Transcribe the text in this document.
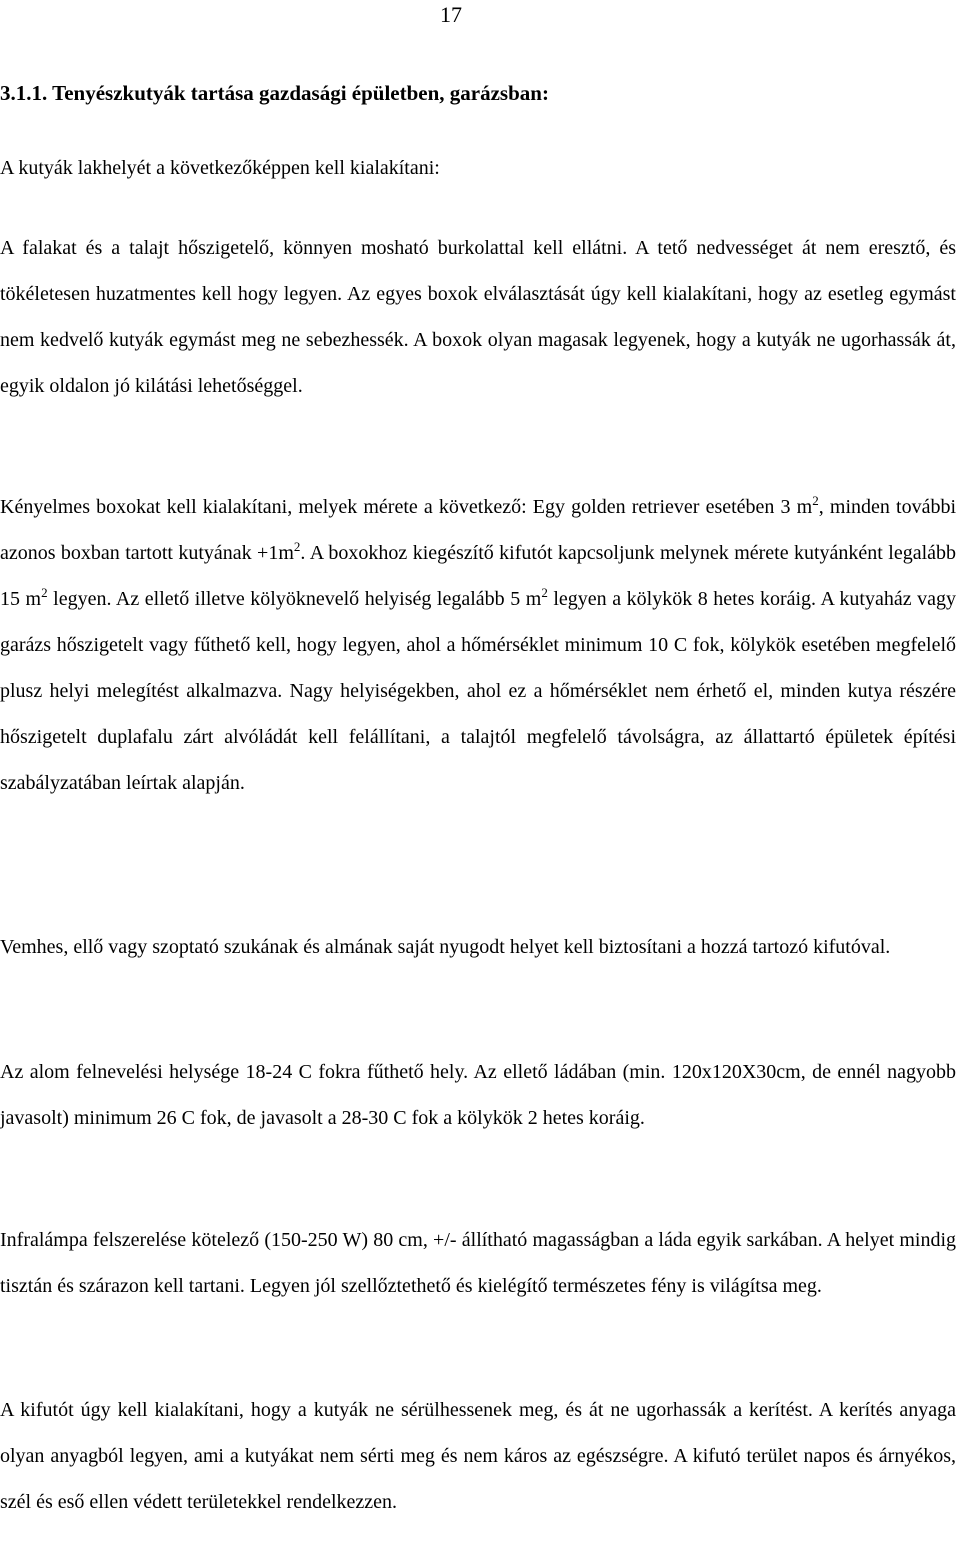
17
3.1.1. Tenyészkutyák tartása gazdasági épületben, garázsban:

A kutyák lakhelyét a következőképpen kell kialakítani:

A falakat és a talajt hőszigetelő, könnyen mosható burkolattal kell ellátni. A tető nedvességet át nem eresztő, és tökéletesen huzatmentes kell hogy legyen. Az egyes boxok elválasztását úgy kell kialakítani, hogy az esetleg egymást nem kedvelő kutyák egymást meg ne sebezhessék. A boxok olyan magasak legyenek, hogy a kutyák ne ugorhassák át, egyik oldalon jó kilátási lehetőséggel.

Kényelmes boxokat kell kialakítani, melyek mérete a következő: Egy golden retriever esetében 3 $m^2$, minden további azonos boxban tartott kutyának $+1m^2$. A boxokhoz kiegészítő kifutót kapcsoljunk melynek mérete kutyánként legalább 15 $m^2$ legyen. Az ellető illetve kölyöknevelő helyiség legalább 5 $m^2$ legyen a kölykök 8 hetes koráig. A kutyaház vagy garázs hőszigetelt vagy fűthető kell, hogy legyen, ahol a hőmérséklet minimum 10 C fok, kölykök esetében megfelelő plusz helyi melegítést alkalmazva. Nagy helyiségekben, ahol ez a hőmérséklet nem érhető el, minden kutya részére hőszigetelt duplafalu zárt alvóládát kell felállítani, a talajtól megfelelő távolságra, az állattartó épületek építési szabályzatában leírtak alapján.

Vemhes, ellő vagy szoptató szukának és almának saját nyugodt helyet kell biztosítani a hozzá tartozó kifutóval.

Az alom felnevelési helysége 18-24 C fokra fűthető hely. Az ellető ládában (min. 120x120X30cm, de ennél nagyobb javasolt) minimum 26 C fok, de javasolt a 28-30 C fok a kölykök 2 hetes koráig.

Infralámpa felszerelése kötelező (150-250 W) 80 cm, +/- állítható magasságban a láda egyik sarkában. A helyet mindig tisztán és szárazon kell tartani. Legyen jól szellőztethető és kielégítő természetes fény is világítsa meg.

A kifutót úgy kell kialakítani, hogy a kutyák ne sérülhessenek meg, és át ne ugorhassák a kerítést. A kerítés anyaga olyan anyagból legyen, ami a kutyákat nem sérti meg és nem káros az egészségre. A kifutó terület napos és árnyékos, szél és eső ellen védett területekkel rendelkezzen.
